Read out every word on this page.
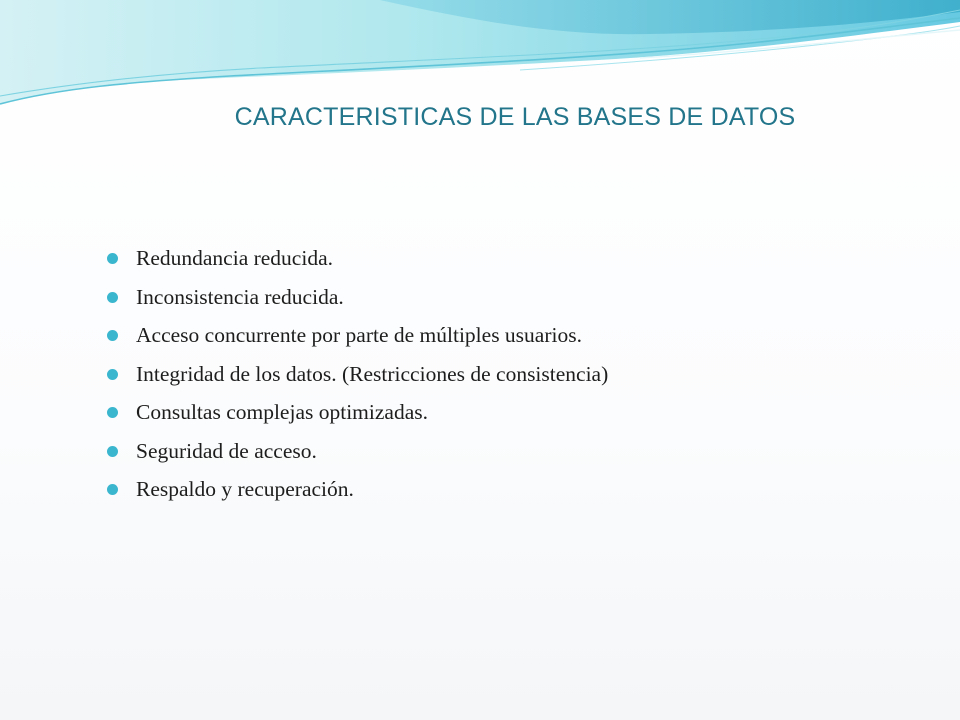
CARACTERISTICAS DE LAS BASES DE DATOS
Redundancia reducida.
Inconsistencia reducida.
Acceso concurrente por parte de múltiples usuarios.
Integridad de los datos. (Restricciones de consistencia)
Consultas complejas optimizadas.
Seguridad de acceso.
Respaldo y recuperación.
